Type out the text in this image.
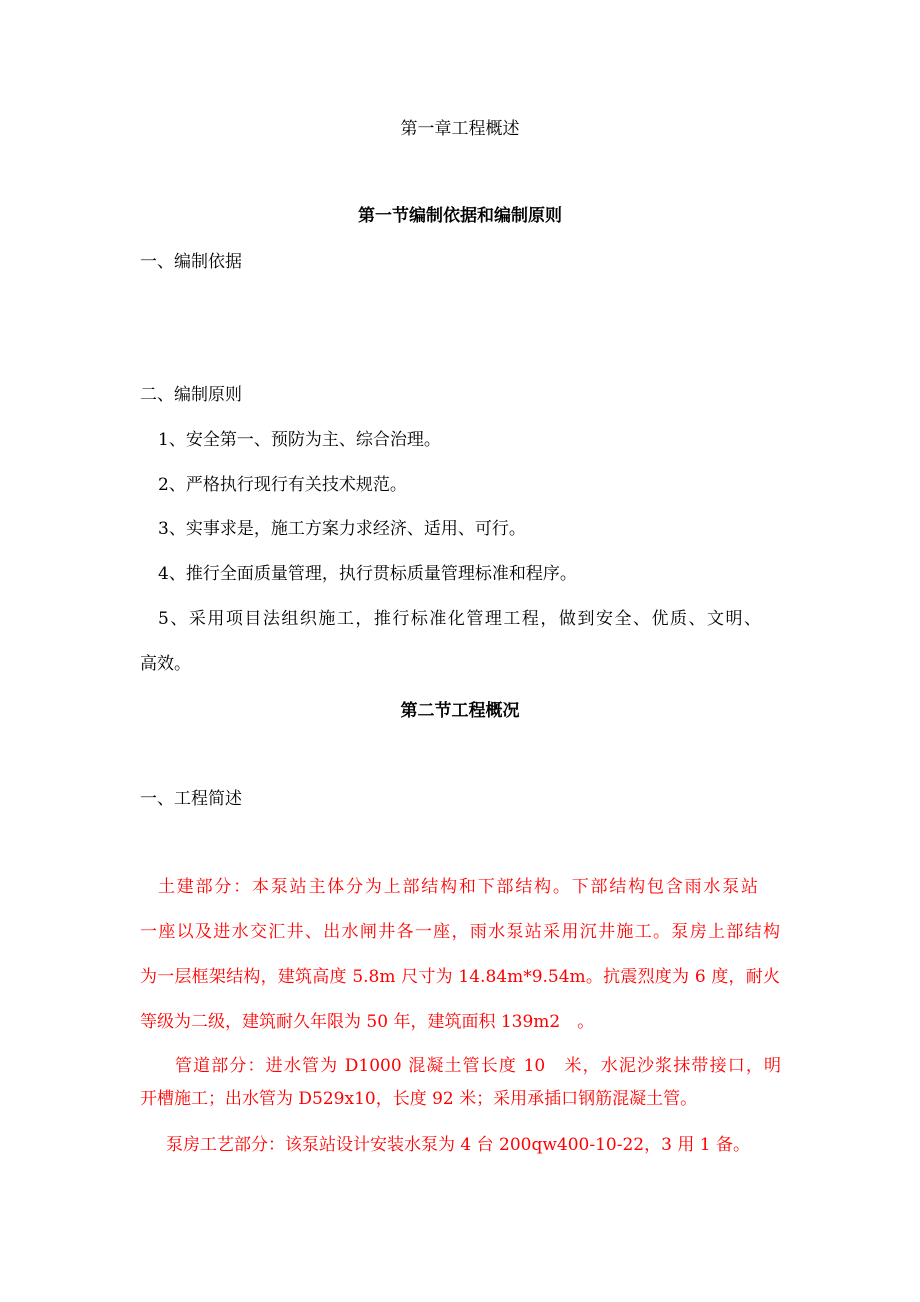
第一章工程概述
第一节编制依据和编制原则
一、编制依据
二、编制原则
1、安全第一、预防为主、综合治理。
2、严格执行现行有关技术规范。
3、实事求是，施工方案力求经济、适用、可行。
4、推行全面质量管理，执行贯标质量管理标准和程序。
5、采用项目法组织施工，推行标准化管理工程，做到安全、优质、文明、
高效。
第二节工程概况
一、工程简述
土建部分：本泵站主体分为上部结构和下部结构。下部结构包含雨水泵站
一座以及进水交汇井、出水闸井各一座，雨水泵站采用沉井施工。泵房上部结构
为一层框架结构，建筑高度 5.8m 尺寸为 14.84m*9.54m。抗震烈度为 6 度，耐火
等级为二级，建筑耐久年限为 50 年，建筑面积 139m2　。
管道部分：进水管为 D1000 混凝土管长度 10　米，水泥沙浆抹带接口，明
开槽施工；出水管为 D529x10，长度 92 米；采用承插口钢筋混凝土管。
泵房工艺部分：该泵站设计安装水泵为 4 台 200qw400-10-22，3 用 1 备。
